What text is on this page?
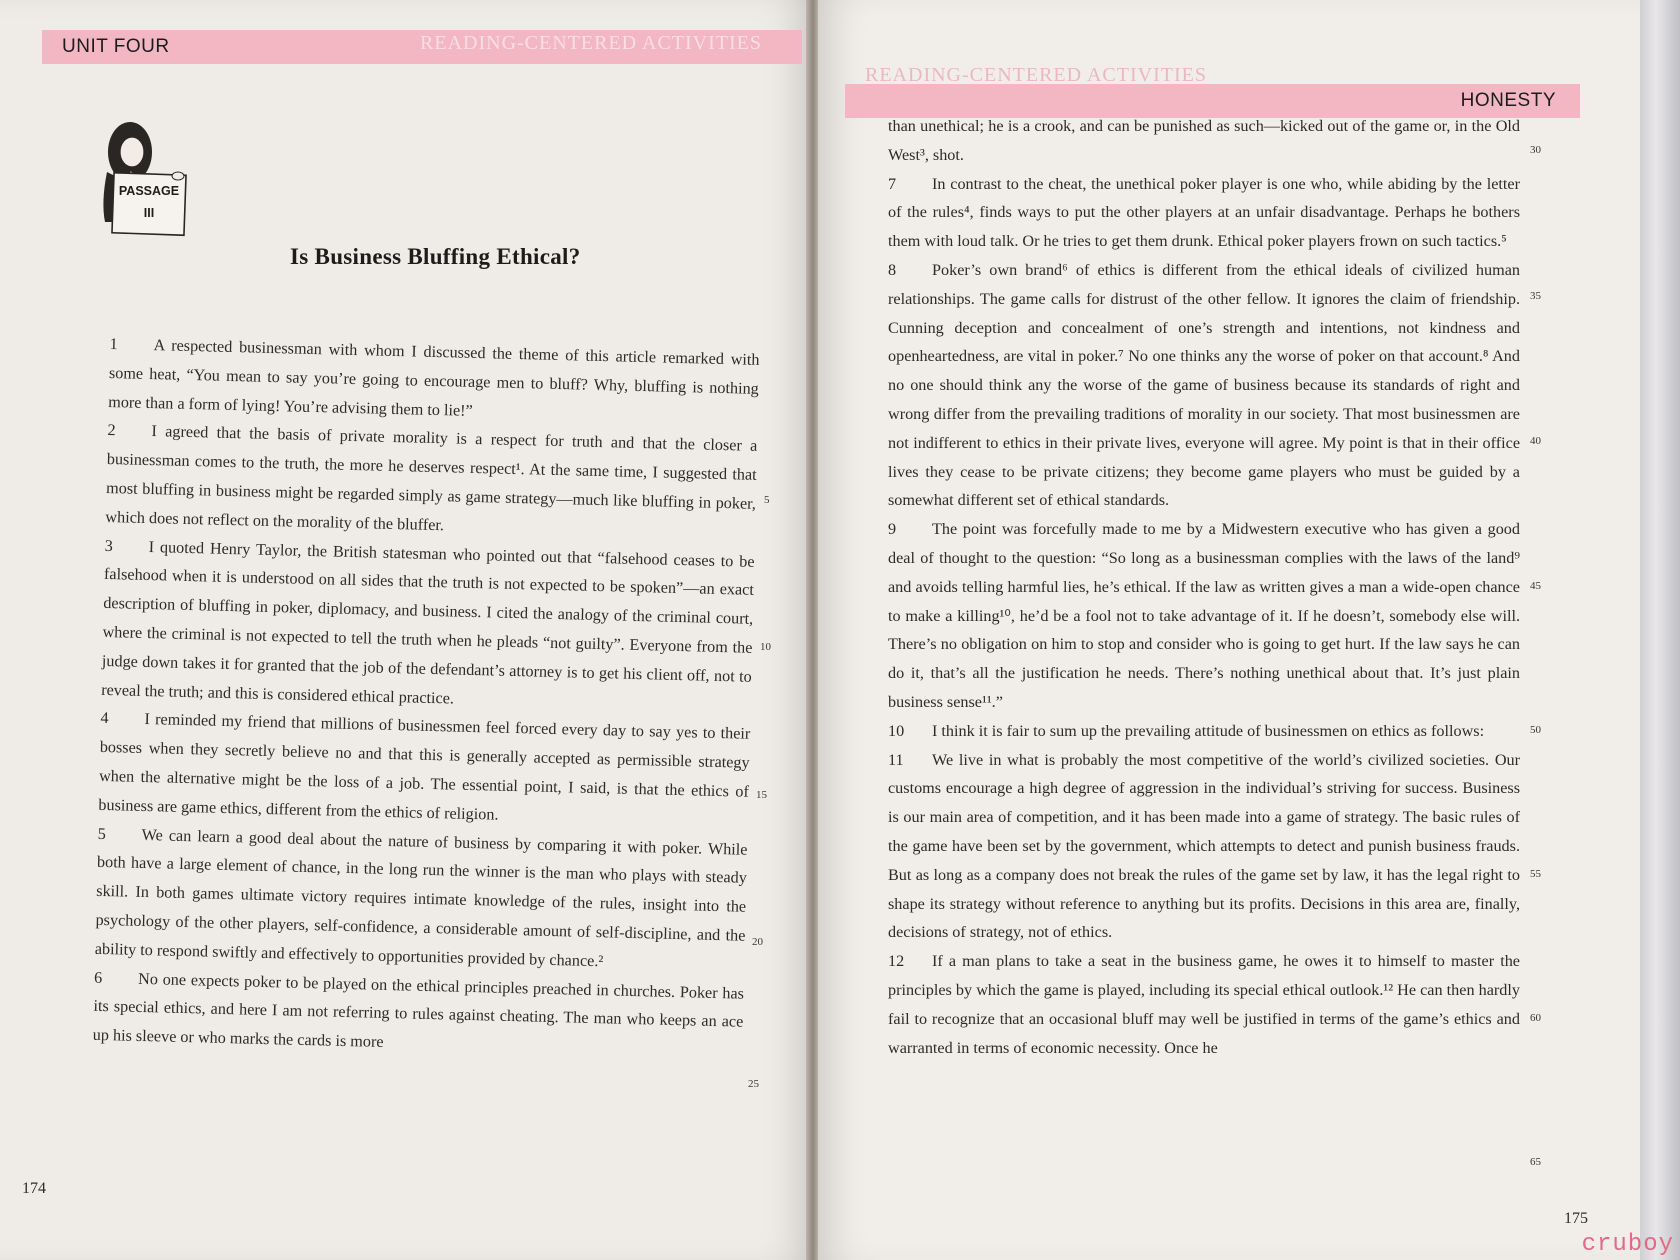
UNIT FOUR	READING-CENTERED ACTIVITIES
PASSAGE
III
Is Business Bluffing Ethical?

1 A respected businessman with whom I discussed the theme of this article remarked with some heat, “You mean to say you’re going to encourage men to bluff? Why, bluffing is nothing more than a form of lying! You’re advising them to lie!”

2 I agreed that the basis of private morality is a respect for truth and that the closer a businessman comes to the truth, the more he deserves respect¹. At the same time, I suggested that most bluffing in business might be regarded simply as game strategy—much like bluffing in poker, which does not reflect on the morality of the bluffer.

3 I quoted Henry Taylor, the British statesman who pointed out that “falsehood ceases to be falsehood when it is understood on all sides that the truth is not expected to be spoken”—an exact description of bluffing in poker, diplomacy, and business. I cited the analogy of the criminal court, where the criminal is not expected to tell the truth when he pleads “not guilty”. Everyone from the judge down takes it for granted that the job of the defendant’s attorney is to get his client off, not to reveal the truth; and this is considered ethical practice.

4 I reminded my friend that millions of businessmen feel forced every day to say yes to their bosses when they secretly believe no and that this is generally accepted as permissible strategy when the alternative might be the loss of a job. The essential point, I said, is that the ethics of business are game ethics, different from the ethics of religion.

5 We can learn a good deal about the nature of business by comparing it with poker. While both have a large element of chance, in the long run the winner is the man who plays with steady skill. In both games ultimate victory requires intimate knowledge of the rules, insight into the psychology of the other players, self-confidence, a considerable amount of self-discipline, and the ability to respond swiftly and effectively to opportunities provided by chance.²

6 No one expects poker to be played on the ethical principles preached in churches. Poker has its special ethics, and here I am not referring to rules against cheating. The man who keeps an ace up his sleeve or who marks the cards is more

5
10
15
20
25
174
READING-CENTERED ACTIVITIES
HONESTY

than unethical; he is a crook, and can be punished as such—kicked out of the game or, in the Old West³, shot.

7 In contrast to the cheat, the unethical poker player is one who, while abiding by the letter of the rules⁴, finds ways to put the other players at an unfair disadvantage. Perhaps he bothers them with loud talk. Or he tries to get them drunk. Ethical poker players frown on such tactics.⁵

8 Poker’s own brand⁶ of ethics is different from the ethical ideals of civilized human relationships. The game calls for distrust of the other fellow. It ignores the claim of friendship. Cunning deception and concealment of one’s strength and intentions, not kindness and openheartedness, are vital in poker.⁷ No one thinks any the worse of poker on that account.⁸ And no one should think any the worse of the game of business because its standards of right and wrong differ from the prevailing traditions of morality in our society. That most businessmen are not indifferent to ethics in their private lives, everyone will agree. My point is that in their office lives they cease to be private citizens; they become game players who must be guided by a somewhat different set of ethical standards.

9 The point was forcefully made to me by a Midwestern executive who has given a good deal of thought to the question: “So long as a businessman complies with the laws of the land⁹ and avoids telling harmful lies, he’s ethical. If the law as written gives a man a wide-open chance to make a killing¹⁰, he’d be a fool not to take advantage of it. If he doesn’t, somebody else will. There’s no obligation on him to stop and consider who is going to get hurt. If the law says he can do it, that’s all the justification he needs. There’s nothing unethical about that. It’s just plain business sense¹¹.”

10 I think it is fair to sum up the prevailing attitude of businessmen on ethics as follows:

11 We live in what is probably the most competitive of the world’s civilized societies. Our customs encourage a high degree of aggression in the individual’s striving for success. Business is our main area of competition, and it has been made into a game of strategy. The basic rules of the game have been set by the government, which attempts to detect and punish business frauds. But as long as a company does not break the rules of the game set by law, it has the legal right to shape its strategy without reference to anything but its profits. Decisions in this area are, finally, decisions of strategy, not of ethics.

12 If a man plans to take a seat in the business game, he owes it to himself to master the principles by which the game is played, including its special ethical outlook.¹² He can then hardly fail to recognize that an occasional bluff may well be justified in terms of the game’s ethics and warranted in terms of economic necessity. Once he

30
35
40
45
50
55
60
65
175
cruboy
